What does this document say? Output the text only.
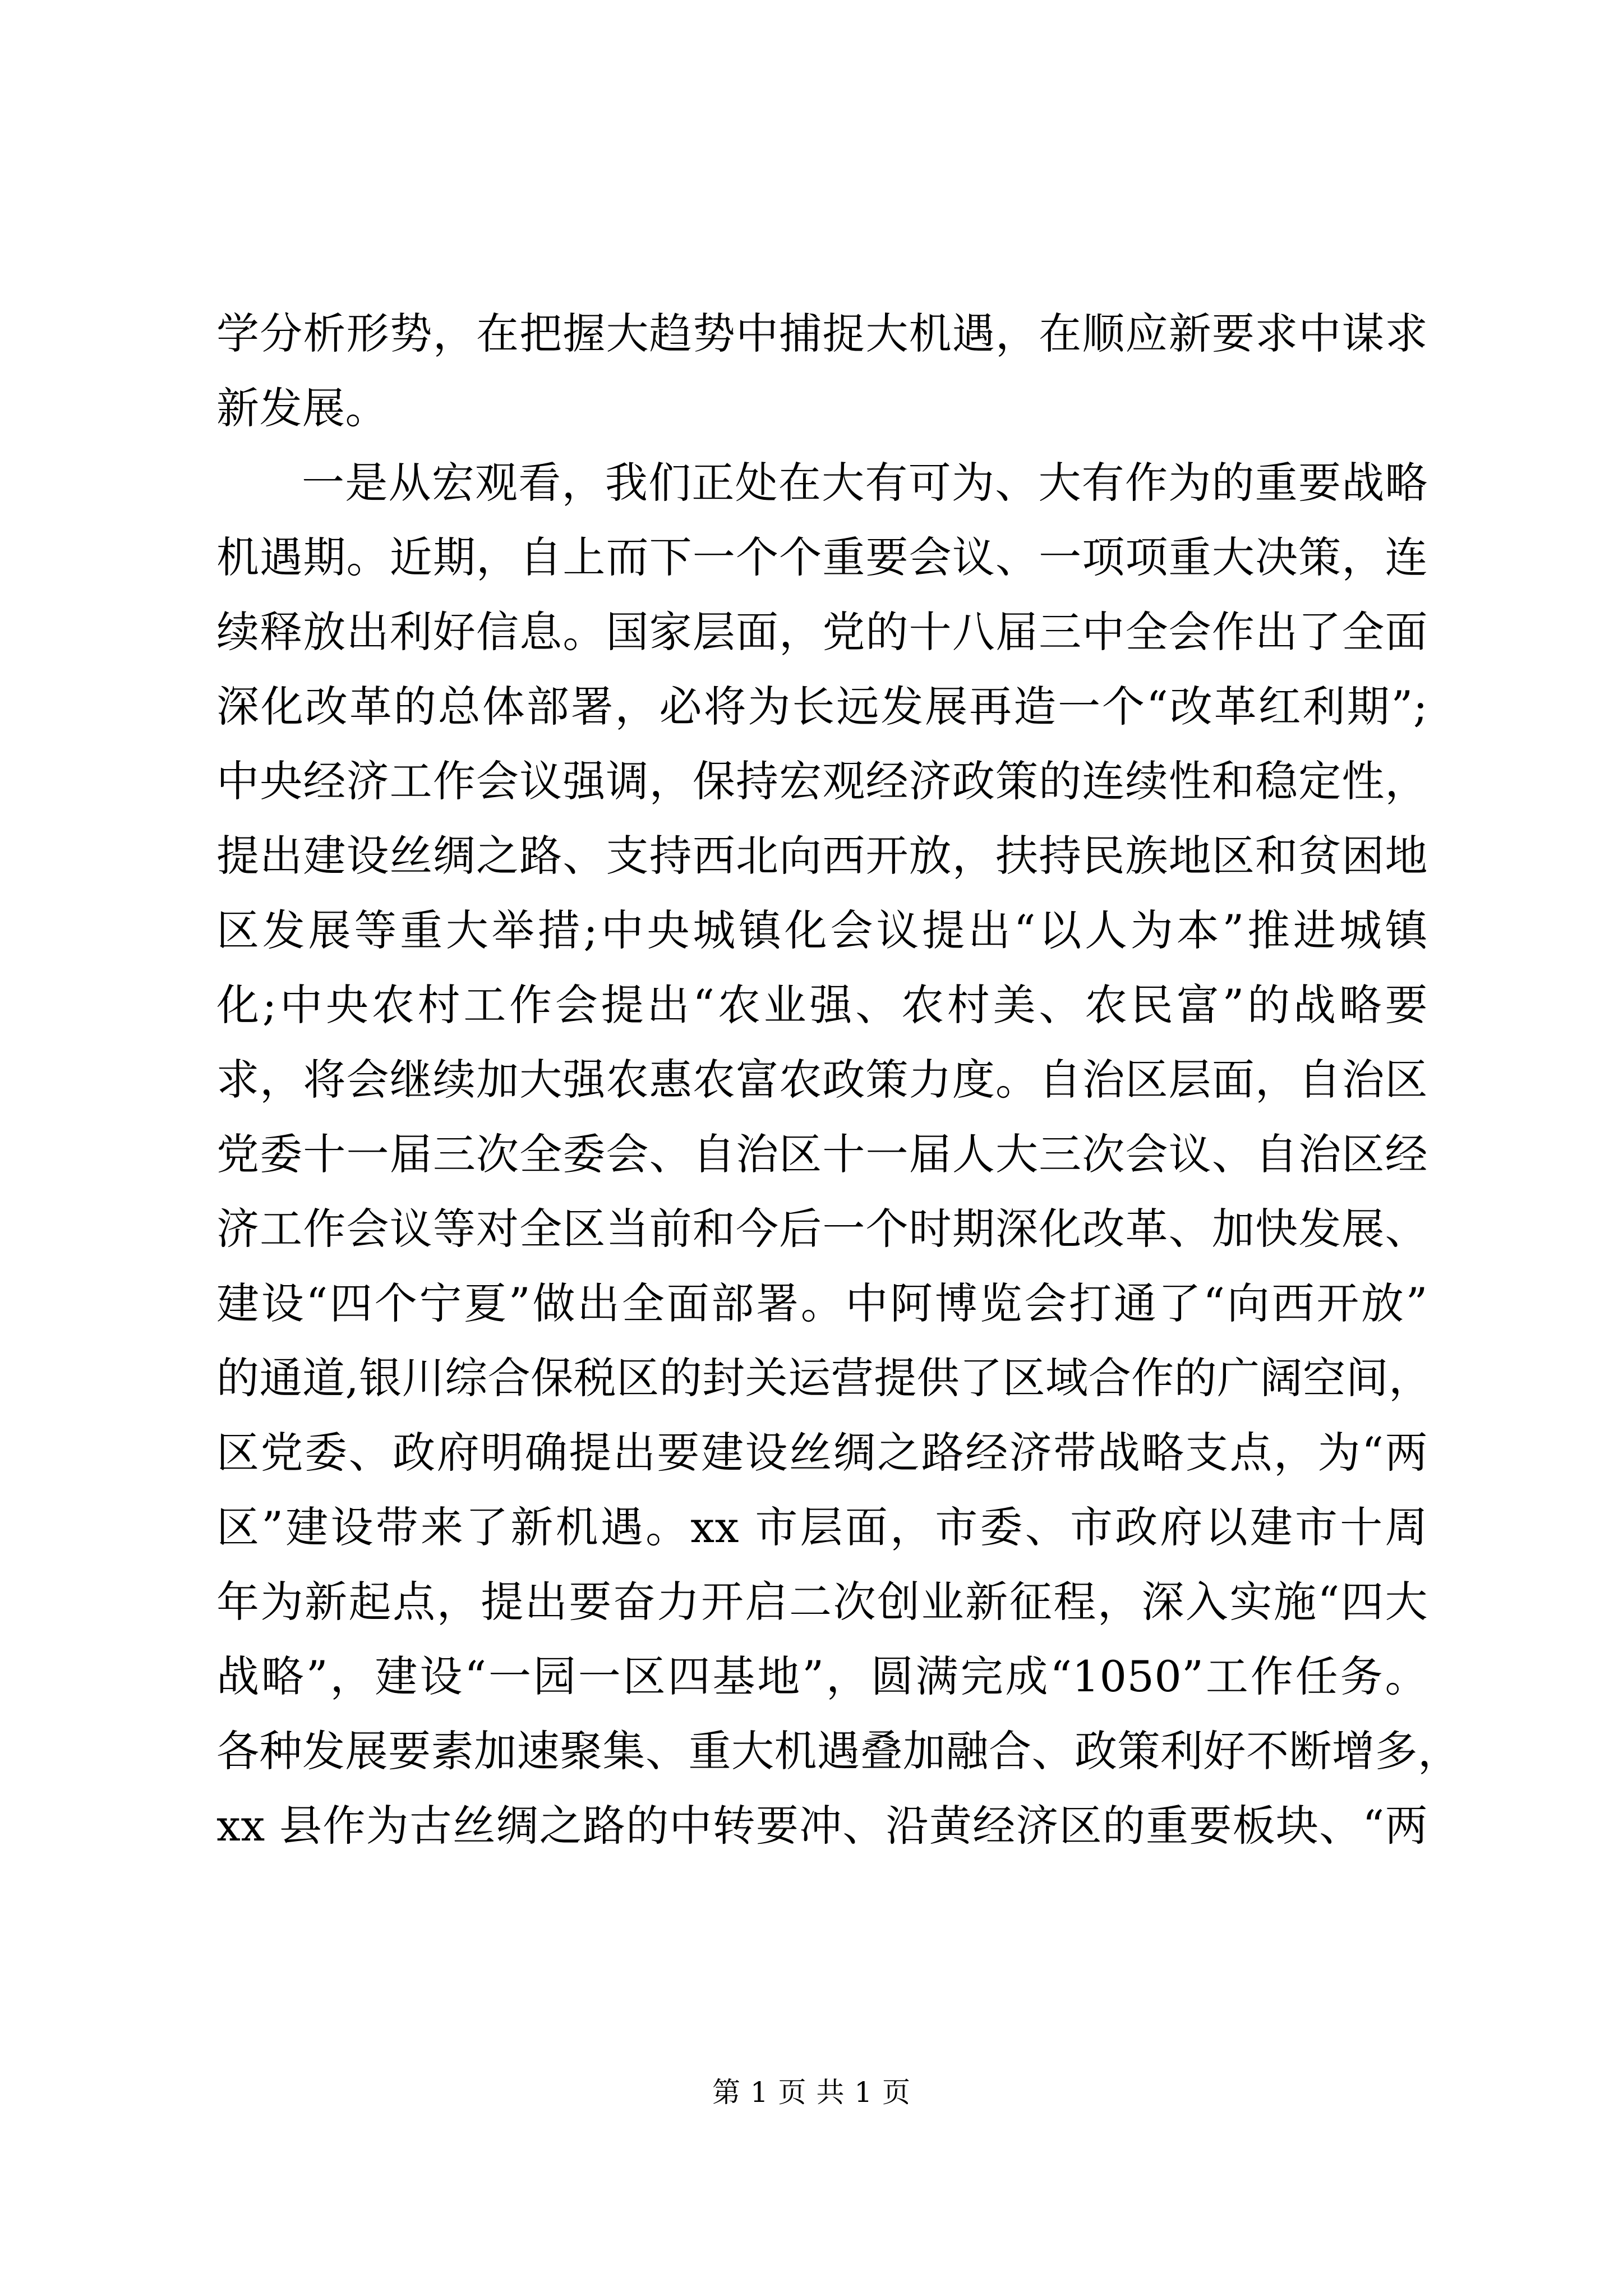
学分析形势，在把握大趋势中捕捉大机遇，在顺应新要求中谋求
新发展。
一是从宏观看，我们正处在大有可为、大有作为的重要战略
机遇期。近期，自上而下一个个重要会议、一项项重大决策，连
续释放出利好信息。国家层面，党的十八届三中全会作出了全面
深化改革的总体部署，必将为长远发展再造一个“改革红利期”;
中央经济工作会议强调，保持宏观经济政策的连续性和稳定性，
提出建设丝绸之路、支持西北向西开放，扶持民族地区和贫困地
区发展等重大举措;中央城镇化会议提出“以人为本”推进城镇
化;中央农村工作会提出“农业强、农村美、农民富”的战略要
求，将会继续加大强农惠农富农政策力度。自治区层面，自治区
党委十一届三次全委会、自治区十一届人大三次会议、自治区经
济工作会议等对全区当前和今后一个时期深化改革、加快发展、
建设“四个宁夏”做出全面部署。中阿博览会打通了“向西开放”
的通道,银川综合保税区的封关运营提供了区域合作的广阔空间，
区党委、政府明确提出要建设丝绸之路经济带战略支点，为“两
区”建设带来了新机遇。xx 市层面，市委、市政府以建市十周
年为新起点，提出要奋力开启二次创业新征程，深入实施“四大
战略”，建设“一园一区四基地”，圆满完成“1050”工作任务。
各种发展要素加速聚集、重大机遇叠加融合、政策利好不断增多，
xx 县作为古丝绸之路的中转要冲、沿黄经济区的重要板块、“两
第 1 页 共 1 页
